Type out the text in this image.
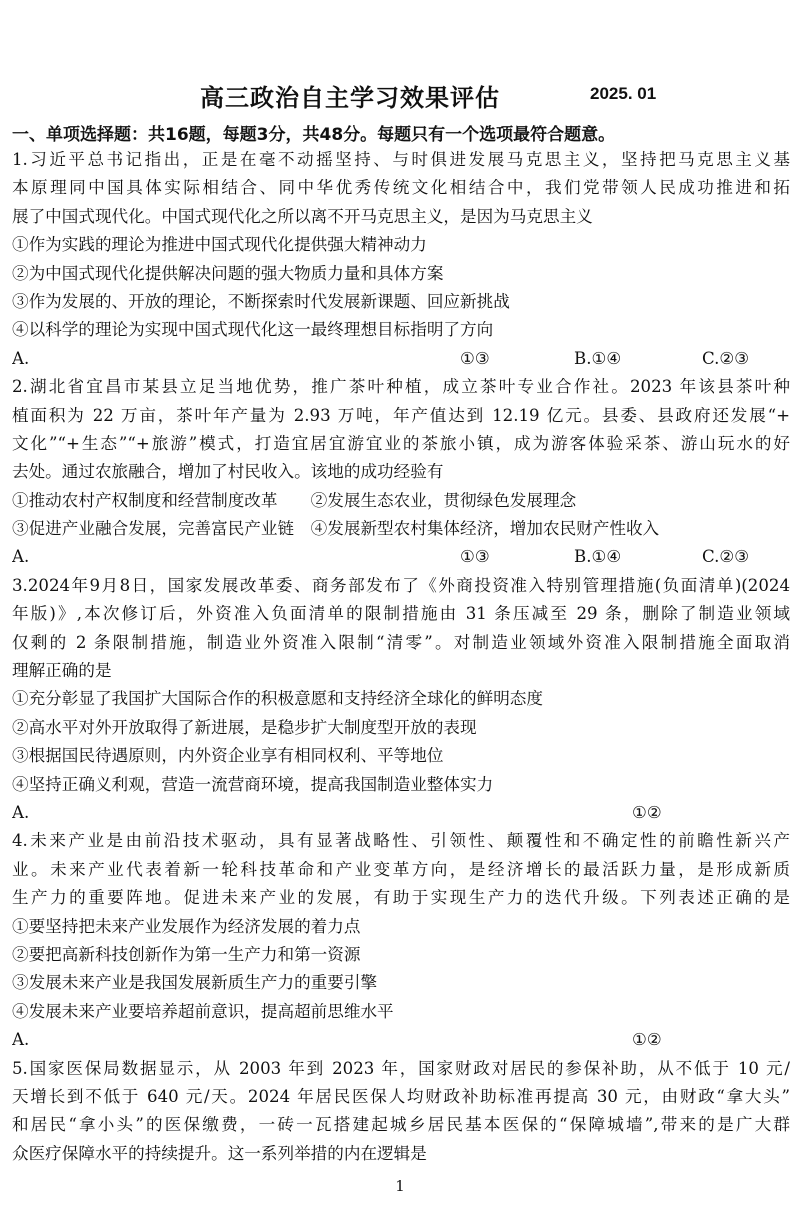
高三政治自主学习效果评估	2025. 01
一、单项选择题：共16题，每题3分，共48分。每题只有一个选项最符合题意。
1.习近平总书记指出，正是在毫不动摇坚持、与时俱进发展马克思主义，坚持把马克思主义基
本原理同中国具体实际相结合、同中华优秀传统文化相结合中，我们党带领人民成功推进和拓
展了中国式现代化。中国式现代化之所以离不开马克思主义，是因为马克思主义
①作为实践的理论为推进中国式现代化提供强大精神动力
②为中国式现代化提供解决问题的强大物质力量和具体方案
③作为发展的、开放的理论，不断探索时代发展新课题、回应新挑战
④以科学的理论为实现中国式现代化这一最终理想目标指明了方向
A.	①③	B.①④	C.②③
2.湖北省宜昌市某县立足当地优势，推广茶叶种植，成立茶叶专业合作社。2023 年该县茶叶种
植面积为 22 万亩，茶叶年产量为 2.93 万吨，年产值达到 12.19 亿元。县委、县政府还发展“+
文化”“+生态”“+旅游”模式，打造宜居宜游宜业的茶旅小镇，成为游客体验采茶、游山玩水的好
去处。通过农旅融合，增加了村民收入。该地的成功经验有
①推动农村产权制度和经营制度改革　　②发展生态农业，贯彻绿色发展理念
③促进产业融合发展，完善富民产业链　④发展新型农村集体经济，增加农民财产性收入
A.	①③	B.①④	C.②③
3.2024年9月8日，国家发展改革委、商务部发布了《外商投资准入特别管理措施(负面清单)(2024
年版)》,本次修订后，外资准入负面清单的限制措施由 31 条压减至 29 条，删除了制造业领域
仅剩的 2 条限制措施，制造业外资准入限制“清零”。对制造业领域外资准入限制措施全面取消
理解正确的是
①充分彰显了我国扩大国际合作的积极意愿和支持经济全球化的鲜明态度
②高水平对外开放取得了新进展，是稳步扩大制度型开放的表现
③根据国民待遇原则，内外资企业享有相同权利、平等地位
④坚持正确义利观，营造一流营商环境，提高我国制造业整体实力
A.	①②
4.未来产业是由前沿技术驱动，具有显著战略性、引领性、颠覆性和不确定性的前瞻性新兴产
业。未来产业代表着新一轮科技革命和产业变革方向，是经济增长的最活跃力量，是形成新质
生产力的重要阵地。促进未来产业的发展，有助于实现生产力的迭代升级。下列表述正确的是
①要坚持把未来产业发展作为经济发展的着力点
②要把高新科技创新作为第一生产力和第一资源
③发展未来产业是我国发展新质生产力的重要引擎
④发展未来产业要培养超前意识，提高超前思维水平
A.	①②
5.国家医保局数据显示，从 2003 年到 2023 年，国家财政对居民的参保补助，从不低于 10 元/
天增长到不低于 640 元/天。2024 年居民医保人均财政补助标准再提高 30 元，由财政“拿大头”
和居民“拿小头”的医保缴费，一砖一瓦搭建起城乡居民基本医保的“保障城墙”,带来的是广大群
众医疗保障水平的持续提升。这一系列举措的内在逻辑是
1
